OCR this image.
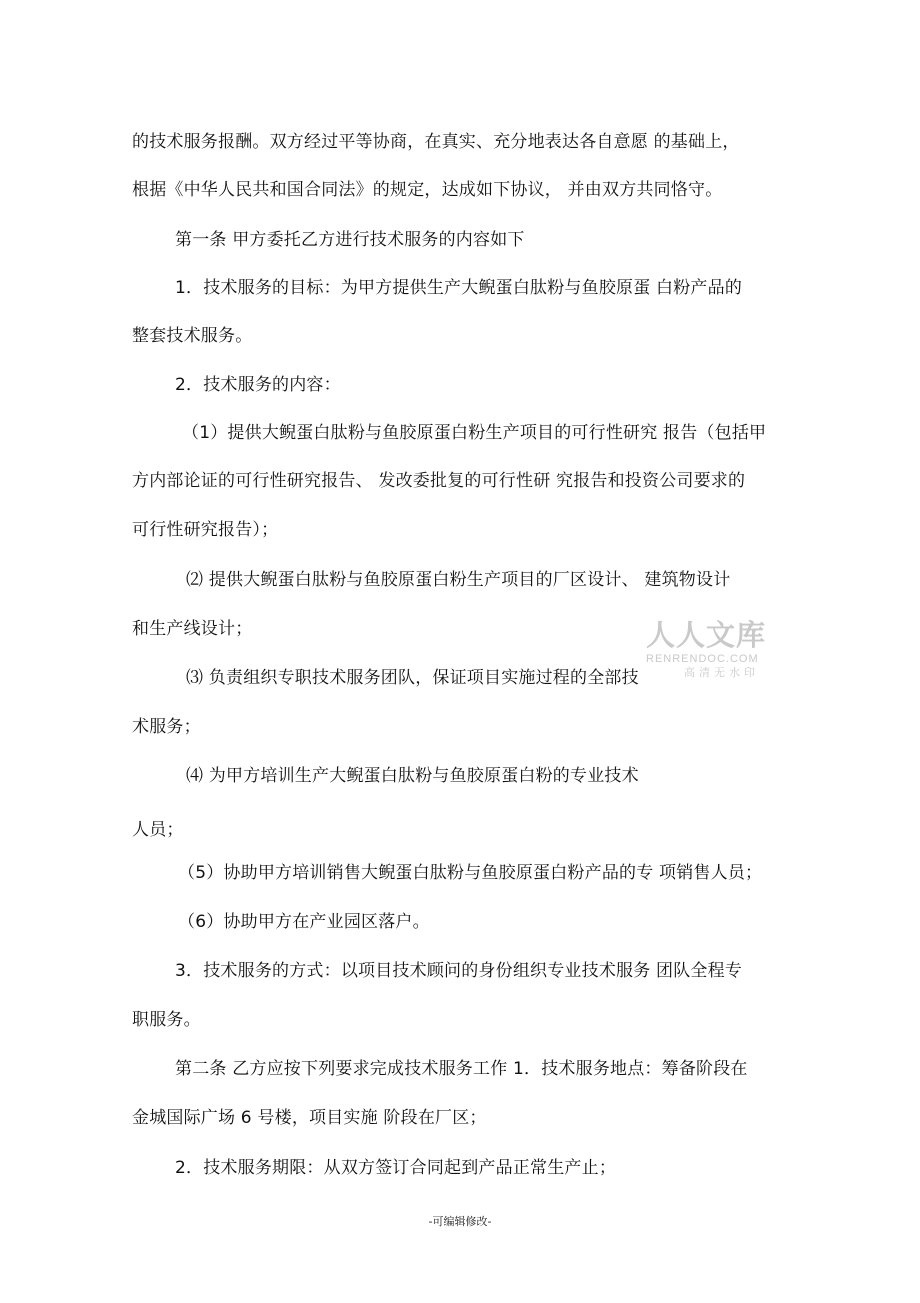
的技术服务报酬。双方经过平等协商，在真实、充分地表达各自意愿 的基础上，
根据《中华人民共和国合同法》的规定，达成如下协议， 并由双方共同恪守。
第一条 甲方委托乙方进行技术服务的内容如下
1．技术服务的目标：为甲方提供生产大鲵蛋白肽粉与鱼胶原蛋 白粉产品的
整套技术服务。
2．技术服务的内容：
（1）提供大鲵蛋白肽粉与鱼胶原蛋白粉生产项目的可行性研究 报告（包括甲
方内部论证的可行性研究报告、 发改委批复的可行性研 究报告和投资公司要求的
可行性研究报告）；
⑵ 提供大鲵蛋白肽粉与鱼胶原蛋白粉生产项目的厂区设计、 建筑物设计
和生产线设计；
⑶ 负责组织专职技术服务团队，保证项目实施过程的全部技
术服务；
⑷ 为甲方培训生产大鲵蛋白肽粉与鱼胶原蛋白粉的专业技术
人员；
（5）协助甲方培训销售大鲵蛋白肽粉与鱼胶原蛋白粉产品的专 项销售人员；
（6）协助甲方在产业园区落户。
3．技术服务的方式：以项目技术顾问的身份组织专业技术服务 团队全程专
职服务。
第二条 乙方应按下列要求完成技术服务工作 1．技术服务地点：筹备阶段在
金城国际广场 6 号楼，项目实施 阶段在厂区；
2．技术服务期限：从双方签订合同起到产品正常生产止；
人人文库
RENRENDOC.COM
高清无水印
-可编辑修改-
